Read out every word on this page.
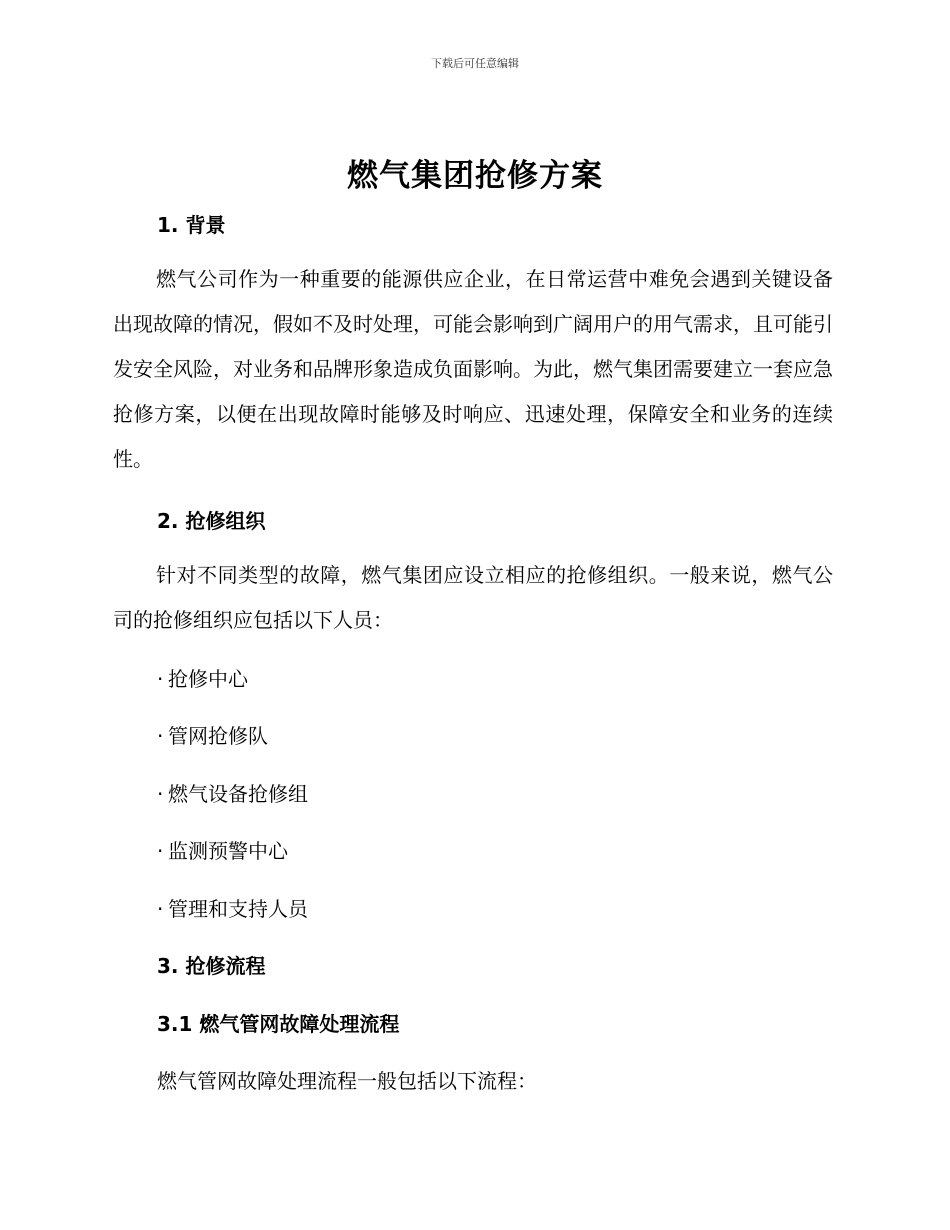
下载后可任意编辑
燃气集团抢修方案
1. 背景
燃气公司作为一种重要的能源供应企业，在日常运营中难免会遇到关键设备出现故障的情况，假如不及时处理，可能会影响到广阔用户的用气需求，且可能引发安全风险，对业务和品牌形象造成负面影响。为此，燃气集团需要建立一套应急抢修方案，以便在出现故障时能够及时响应、迅速处理，保障安全和业务的连续性。
2. 抢修组织
针对不同类型的故障，燃气集团应设立相应的抢修组织。一般来说，燃气公司的抢修组织应包括以下人员：
· 抢修中心
· 管网抢修队
· 燃气设备抢修组
· 监测预警中心
· 管理和支持人员
3. 抢修流程
3.1 燃气管网故障处理流程
燃气管网故障处理流程一般包括以下流程：
